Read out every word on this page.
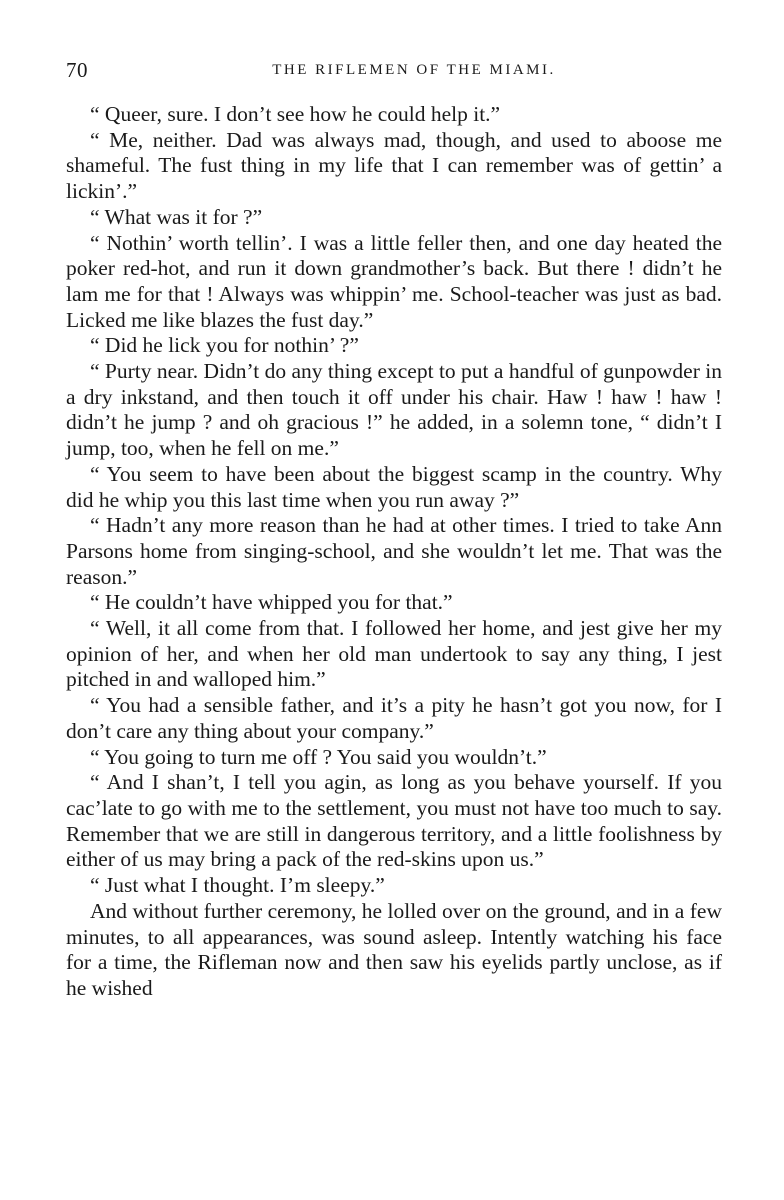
70	THE RIFLEMEN OF THE MIAMI.

“ Queer, sure. I don’t see how he could help it.”

“ Me, neither. Dad was always mad, though, and used to aboose me shameful. The fust thing in my life that I can remember was of gettin’ a lickin’.”

“ What was it for ?”

“ Nothin’ worth tellin’. I was a little feller then, and one day heated the poker red-hot, and run it down grandmother’s back. But there ! didn’t he lam me for that ! Always was whippin’ me. School-teacher was just as bad. Licked me like blazes the fust day.”

“ Did he lick you for nothin’ ?”

“ Purty near. Didn’t do any thing except to put a handful of gunpowder in a dry inkstand, and then touch it off under his chair. Haw ! haw ! haw ! didn’t he jump ? and oh gracious !” he added, in a solemn tone, “ didn’t I jump, too, when he fell on me.”

“ You seem to have been about the biggest scamp in the country. Why did he whip you this last time when you run away ?”

“ Hadn’t any more reason than he had at other times. I tried to take Ann Parsons home from singing-school, and she wouldn’t let me. That was the reason.”

“ He couldn’t have whipped you for that.”

“ Well, it all come from that. I followed her home, and jest give her my opinion of her, and when her old man undertook to say any thing, I jest pitched in and walloped him.”

“ You had a sensible father, and it’s a pity he hasn’t got you now, for I don’t care any thing about your company.”

“ You going to turn me off ? You said you wouldn’t.”

“ And I shan’t, I tell you agin, as long as you behave yourself. If you cac’late to go with me to the settlement, you must not have too much to say. Remember that we are still in dangerous territory, and a little foolishness by either of us may bring a pack of the red-skins upon us.”

“ Just what I thought. I’m sleepy.”

And without further ceremony, he lolled over on the ground, and in a few minutes, to all appearances, was sound asleep. Intently watching his face for a time, the Rifleman now and then saw his eyelids partly unclose, as if he wished
